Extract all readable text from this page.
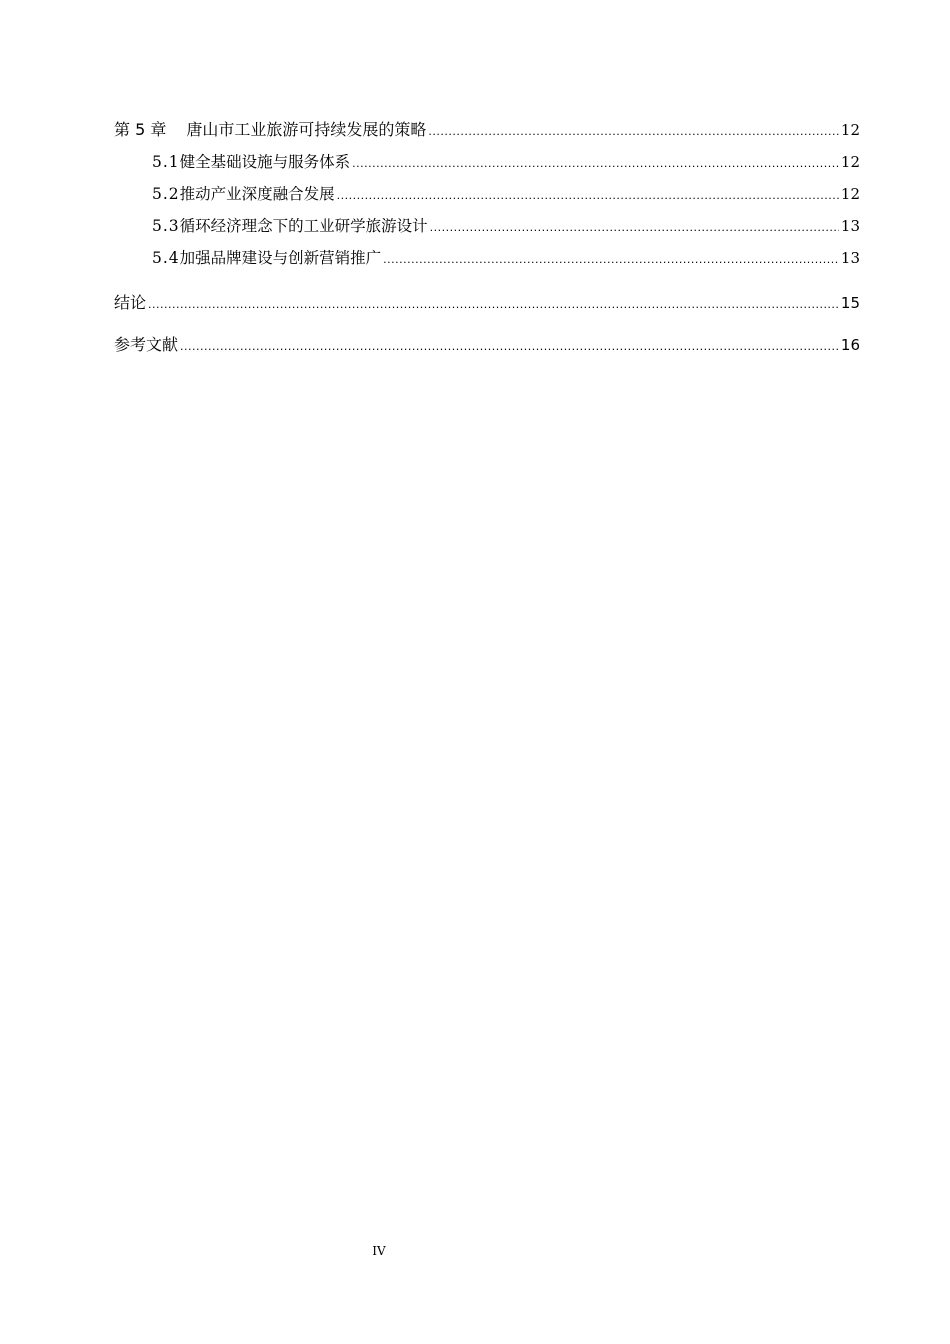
第 5 章 唐山市工业旅游可持续发展的策略 .....	12
5.1 健全基础设施与服务体系 .....	12
5.2 推动产业深度融合发展 .....	12
5.3 循环经济理念下的工业研学旅游设计 .....	13
5.4 加强品牌建设与创新营销推广 .....	13
结论 .....	15
参考文献 .....	16
IV
